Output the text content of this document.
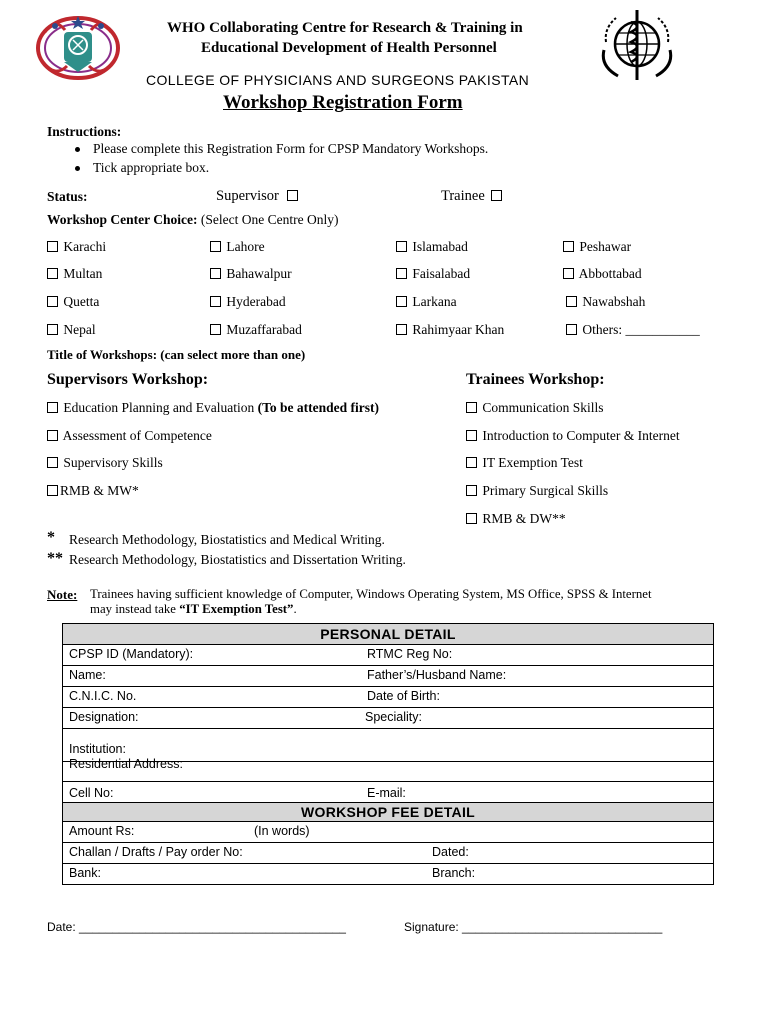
WHO Collaborating Centre for Research & Training in
Educational Development of Health Personnel
COLLEGE OF PHYSICIANS AND SURGEONS PAKISTAN
Workshop Registration Form
Instructions:
Please complete this Registration Form for CPSP Mandatory Workshops.
Tick appropriate box.
Status:	Supervisor	Trainee
Workshop Center Choice: (Select One Centre Only)
Karachi	Lahore	Islamabad	Peshawar
Multan	Bahawalpur	Faisalabad	Abbottabad
Quetta	Hyderabad	Larkana	Nawabshah
Nepal	Muzaffarabad	Rahimyaar Khan	Others: ___________
Title of Workshops: (can select more than one)
Supervisors Workshop:	Trainees Workshop:
Education Planning and Evaluation (To be attended first)
Assessment of Competence
Supervisory Skills
RMB & MW*
Communication Skills
Introduction to Computer & Internet
IT Exemption Test
Primary Surgical Skills
RMB & DW**
* Research Methodology, Biostatistics and Medical Writing.
** Research Methodology, Biostatistics and Dissertation Writing.
Note: Trainees having sufficient knowledge of Computer, Windows Operating System, MS Office, SPSS & Internet
may instead take “IT Exemption Test”.
PERSONAL DETAIL

CPSP ID (Mandatory):	RTMC Reg No:

Name:	Father’s/Husband Name:

C.N.I.C. No.	Date of Birth:

Designation:	Speciality:

Institution:
Residential Address:

Cell No:	E-mail:

WORKSHOP FEE DETAIL

Amount Rs:	(In words)

Challan / Drafts / Pay order No:	Dated:

Bank:	Branch:
Date: ________________________________________	Signature: ______________________________
